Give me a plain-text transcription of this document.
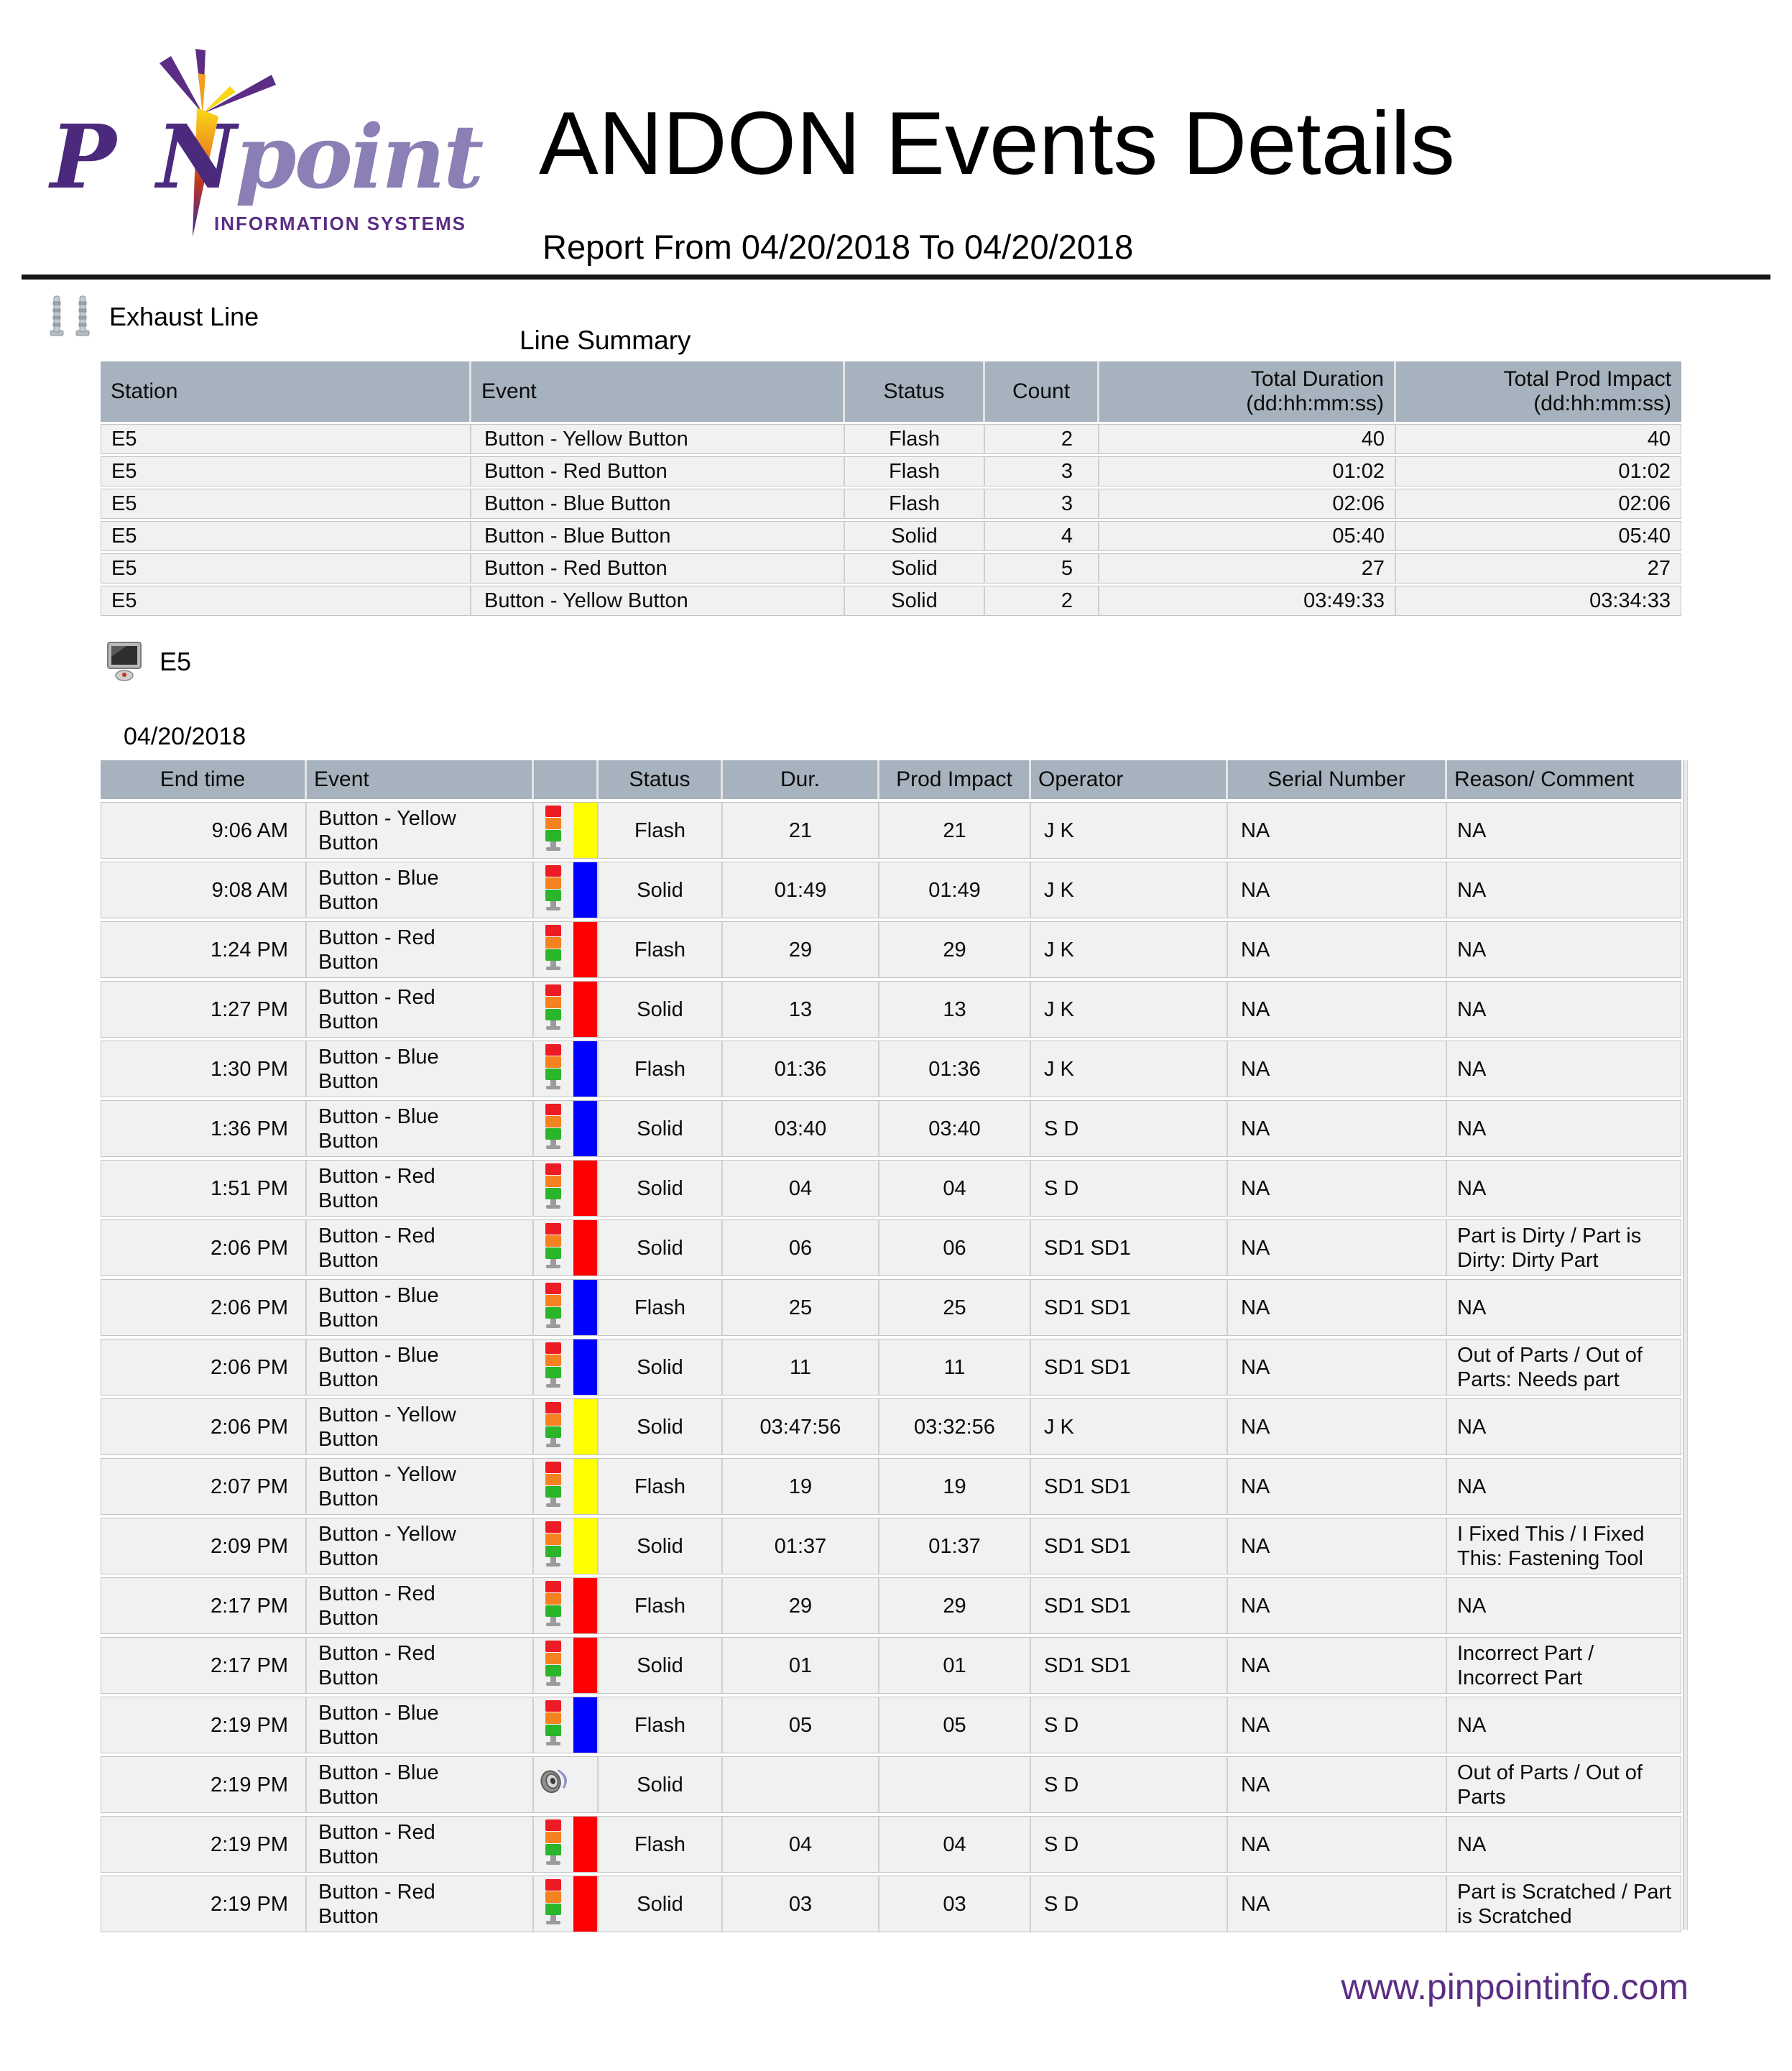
P N point
INFORMATION SYSTEMS
ANDON Events Details
Report From 04/20/2018 To 04/20/2018
Exhaust Line
Line Summary
Station	Event	Status	Count	Total Duration
(dd:hh:mm:ss)	Total Prod Impact
(dd:hh:mm:ss)
E5	Button - Yellow Button	Flash	2	40	40
E5	Button - Red Button	Flash	3	01:02	01:02
E5	Button - Blue Button	Flash	3	02:06	02:06
E5	Button - Blue Button	Solid	4	05:40	05:40
E5	Button - Red Button	Solid	5	27	27
E5	Button - Yellow Button	Solid	2	03:49:33	03:34:33
E5
04/20/2018
End time	Event			Status	Dur.	Prod Impact	Operator	Serial Number	Reason/ Comment
9:06 AM	Button - Yellow Button			Flash	21	21	J K	NA	NA
9:08 AM	Button - Blue Button			Solid	01:49	01:49	J K	NA	NA
1:24 PM	Button - Red Button			Flash	29	29	J K	NA	NA
1:27 PM	Button - Red Button			Solid	13	13	J K	NA	NA
1:30 PM	Button - Blue Button			Flash	01:36	01:36	J K	NA	NA
1:36 PM	Button - Blue Button			Solid	03:40	03:40	S D	NA	NA
1:51 PM	Button - Red Button			Solid	04	04	S D	NA	NA
2:06 PM	Button - Red Button			Solid	06	06	SD1 SD1	NA	Part is Dirty / Part is Dirty: Dirty Part
2:06 PM	Button - Blue Button			Flash	25	25	SD1 SD1	NA	NA
2:06 PM	Button - Blue Button			Solid	11	11	SD1 SD1	NA	Out of Parts / Out of Parts: Needs part
2:06 PM	Button - Yellow Button			Solid	03:47:56	03:32:56	J K	NA	NA
2:07 PM	Button - Yellow Button			Flash	19	19	SD1 SD1	NA	NA
2:09 PM	Button - Yellow Button			Solid	01:37	01:37	SD1 SD1	NA	I Fixed This / I Fixed This: Fastening Tool
2:17 PM	Button - Red Button			Flash	29	29	SD1 SD1	NA	NA
2:17 PM	Button - Red Button			Solid	01	01	SD1 SD1	NA	Incorrect Part / Incorrect Part
2:19 PM	Button - Blue Button			Flash	05	05	S D	NA	NA
2:19 PM	Button - Blue Button			Solid			S D	NA	Out of Parts / Out of Parts
2:19 PM	Button - Red Button			Flash	04	04	S D	NA	NA
2:19 PM	Button - Red Button			Solid	03	03	S D	NA	Part is Scratched / Part is Scratched
www.pinpointinfo.com
